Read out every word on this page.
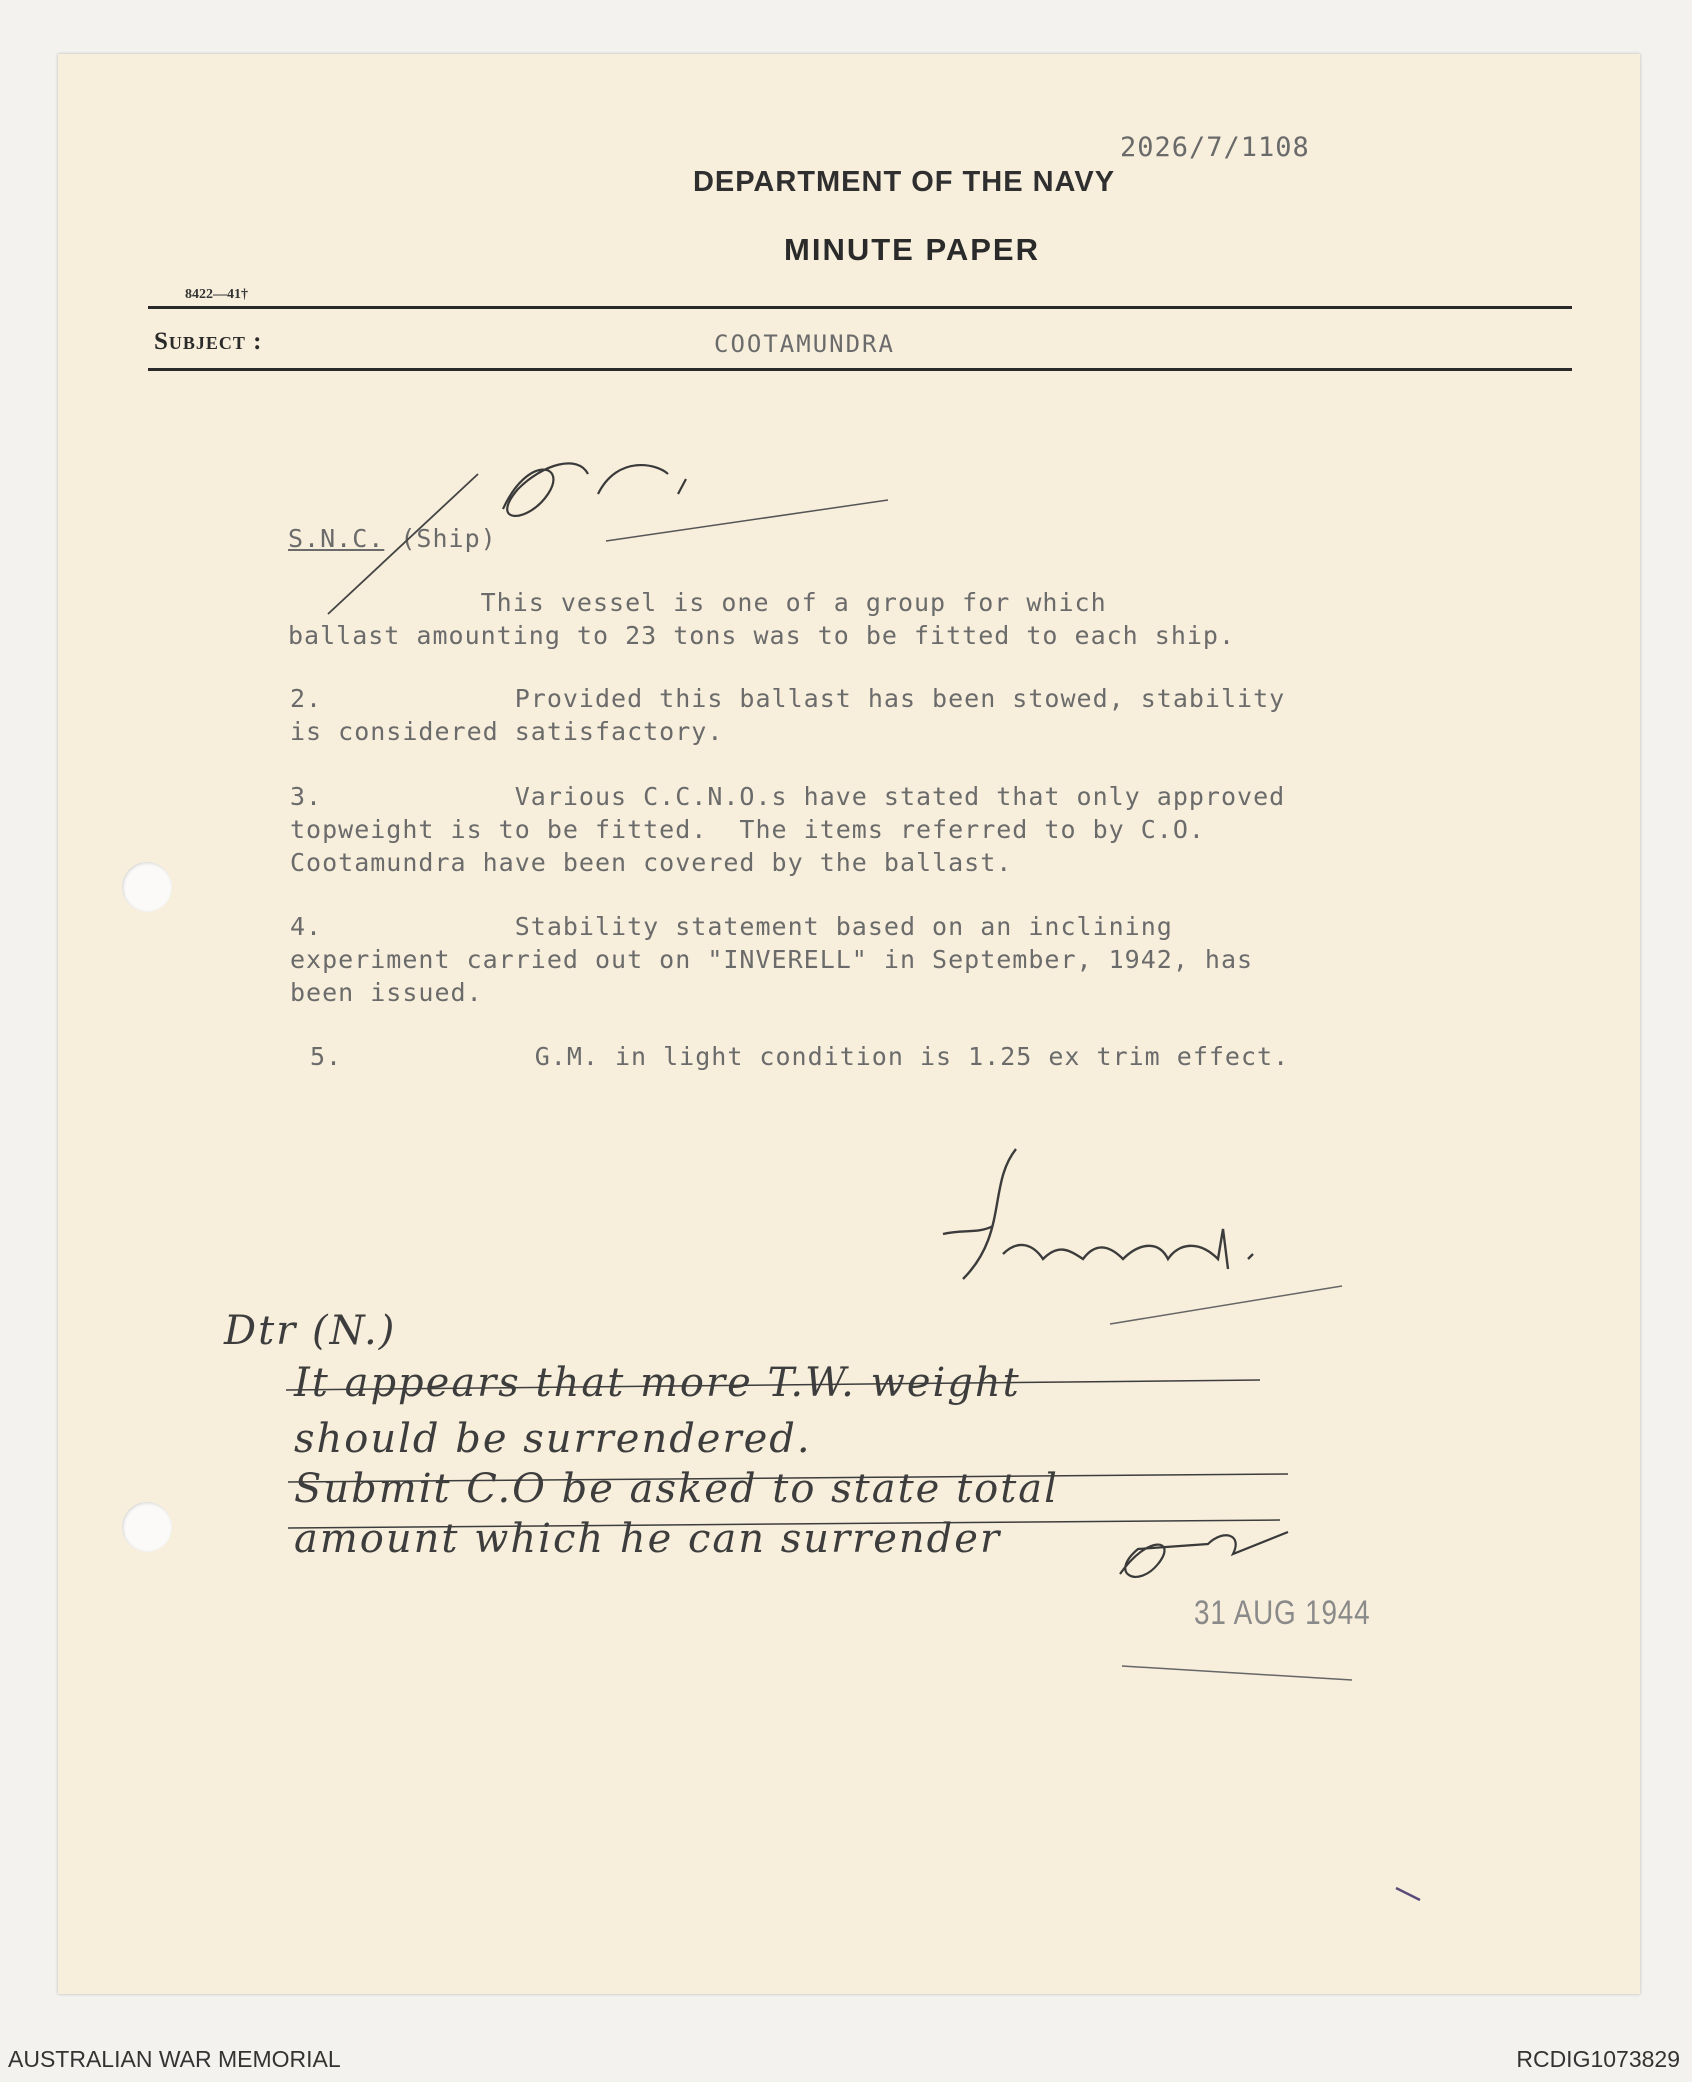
2026/7/1108
DEPARTMENT OF THE NAVY
MINUTE PAPER
8422—41†
Subject :	COOTAMUNDRA
S.N.C. (Ship)
This vessel is one of a group for which
ballast amounting to 23 tons was to be fitted to each ship.
2.            Provided this ballast has been stowed, stability
is considered satisfactory.
3.            Various C.C.N.O.s have stated that only approved
topweight is to be fitted.  The items referred to by C.O.
Cootamundra have been covered by the ballast.
4.            Stability statement based on an inclining
experiment carried out on "INVERELL" in September, 1942, has
been issued.
5.            G.M. in light condition is 1.25 ex trim effect.
Dtr (N.)
It appears that more T.W. weight
should be surrendered.
Submit C.O be asked to state total
amount which he can surrender
31 AUG 1944
AUSTRALIAN WAR MEMORIAL	RCDIG1073829
